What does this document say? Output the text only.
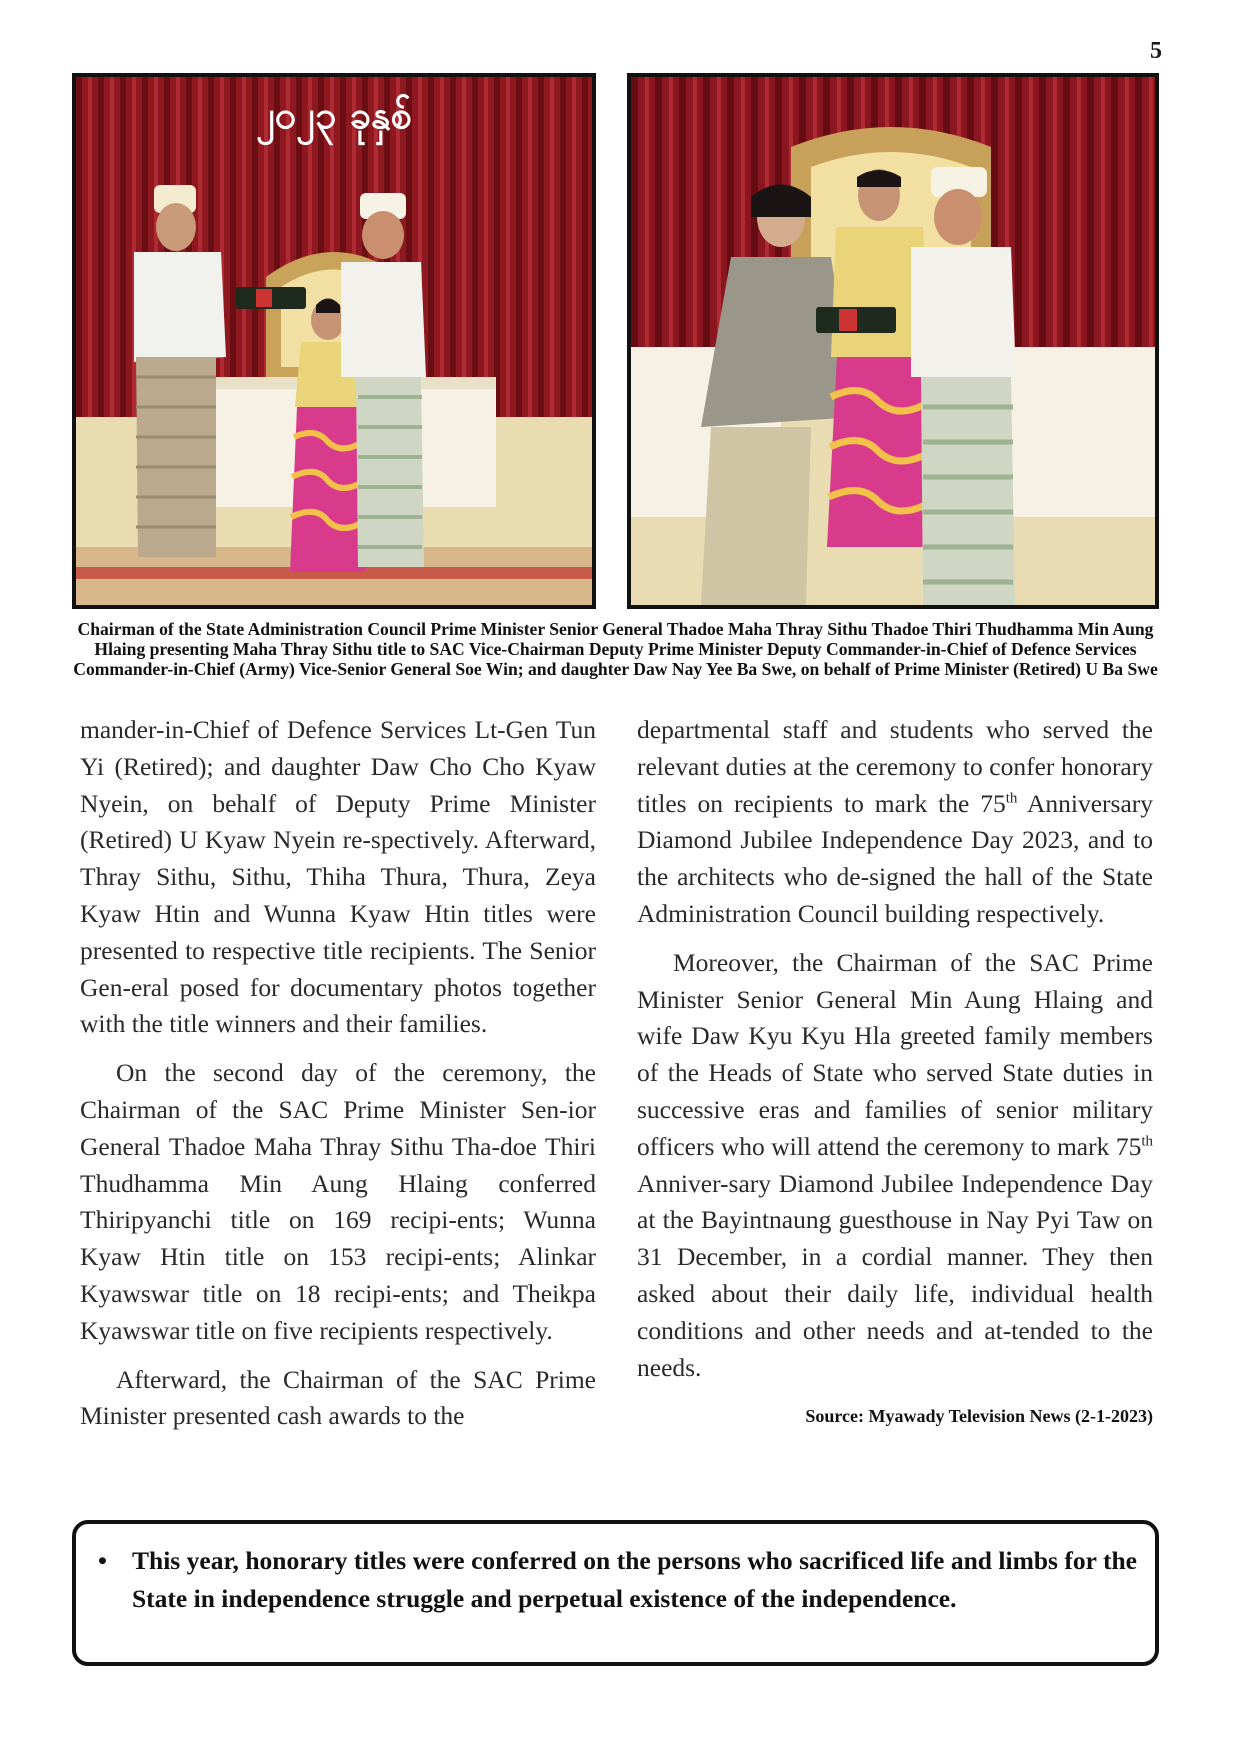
5
၂၀၂၃ ခုနှစ်
Chairman of the State Administration Council Prime Minister Senior General Thadoe Maha Thray Sithu Thadoe Thiri Thudhamma Min Aung Hlaing presenting Maha Thray Sithu title to SAC Vice-Chairman Deputy Prime Minister Deputy Commander-in-Chief of Defence Services Commander-in-Chief (Army) Vice-Senior General Soe Win; and daughter Daw Nay Yee Ba Swe, on behalf of Prime Minister (Retired) U Ba Swe

mander-in-Chief of Defence Services Lt-Gen Tun Yi (Retired); and daughter Daw Cho Cho Kyaw Nyein, on behalf of Deputy Prime Minister (Retired) U Kyaw Nyein re-spectively. Afterward, Thray Sithu, Sithu, Thiha Thura, Thura, Zeya Kyaw Htin and Wunna Kyaw Htin titles were presented to respective title recipients. The Senior Gen-eral posed for documentary photos together with the title winners and their families.

On the second day of the ceremony, the Chairman of the SAC Prime Minister Sen-ior General Thadoe Maha Thray Sithu Tha-doe Thiri Thudhamma Min Aung Hlaing conferred Thiripyanchi title on 169 recipi-ents; Wunna Kyaw Htin title on 153 recipi-ents; Alinkar Kyawswar title on 18 recipi-ents; and Theikpa Kyawswar title on five recipients respectively.

Afterward, the Chairman of the SAC Prime Minister presented cash awards to the

departmental staff and students who served the relevant duties at the ceremony to confer honorary titles on recipients to mark the 75th Anniversary Diamond Jubilee Independence Day 2023, and to the architects who de-signed the hall of the State Administration Council building respectively.

Moreover, the Chairman of the SAC Prime Minister Senior General Min Aung Hlaing and wife Daw Kyu Kyu Hla greeted family members of the Heads of State who served State duties in successive eras and families of senior military officers who will attend the ceremony to mark 75th Anniver-sary Diamond Jubilee Independence Day at the Bayintnaung guesthouse in Nay Pyi Taw on 31 December, in a cordial manner. They then asked about their daily life, individual health conditions and other needs and at-tended to the needs.

Source: Myawady Television News (2-1-2023)
• This year, honorary titles were conferred on the persons who sacrificed life and limbs for the State in independence struggle and perpetual existence of the independence.
